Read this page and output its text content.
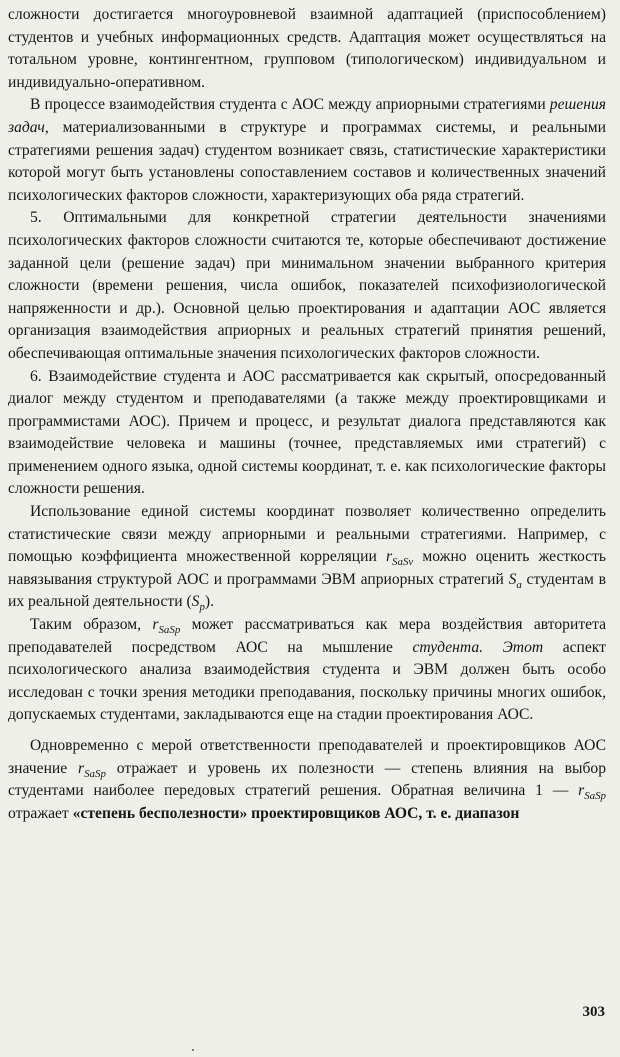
сложности достигается многоуровневой взаимной адаптацией (приспособлением) студентов и учебных информационных средств. Адаптация может осуществляться на тотальном уровне, контингентном, групповом (типологическом) индивидуальном и индивидуально-оперативном.

В процессе взаимодействия студента с АОС между априорными стратегиями решения задач, материализованными в структуре и программах системы, и реальными стратегиями решения задач) студентом возникает связь, статистические характеристики которой могут быть установлены сопоставлением составов и количественных значений психологических факторов сложности, характеризующих оба ряда стратегий.

5. Оптимальными для конкретной стратегии деятельности значениями психологических факторов сложности считаются те, которые обеспечивают достижение заданной цели (решение задач) при минимальном значении выбранного критерия сложности (времени решения, числа ошибок, показателей психофизиологической напряженности и др.). Основной целью проектирования и адаптации АОС является организация взаимодействия априорных и реальных стратегий принятия решений, обеспечивающая оптимальные значения психологических факторов сложности.

6. Взаимодействие студента и АОС рассматривается как скрытый, опосредованный диалог между студентом и преподавателями (а также между проектировщиками и программистами АОС). Причем и процесс, и результат диалога представляются как взаимодействие человека и машины (точнее, представляемых ими стратегий) с применением одного языка, одной системы координат, т. е. как психологические факторы сложности решения.

Использование единой системы координат позволяет количественно определить статистические связи между априорными и реальными стратегиями. Например, с помощью коэффициента множественной корреляции $r_{SaSv}$ можно оценить жесткость навязывания структурой АОС и программами ЭВМ априорных стратегий $S_a$ студентам в их реальной деятельности $(S_p)$.

Таким образом, $r_{SaSp}$ может рассматриваться как мера воздействия авторитета преподавателей посредством АОС на мышление студента. Этот аспект психологического анализа взаимодействия студента и ЭВМ должен быть особо исследован с точки зрения методики преподавания, поскольку причины многих ошибок, допускаемых студентами, закладываются еще на стадии проектирования АОС.

Одновременно с мерой ответственности преподавателей и проектировщиков АОС значение $r_{SaSp}$ отражает и уровень их полезности — степень влияния на выбор студентами наиболее передовых стратегий решения. Обратная величина 1 — $r_{SaSp}$ отражает «степень бесполезности» проектировщиков АОС, т. е. диапазон

303
